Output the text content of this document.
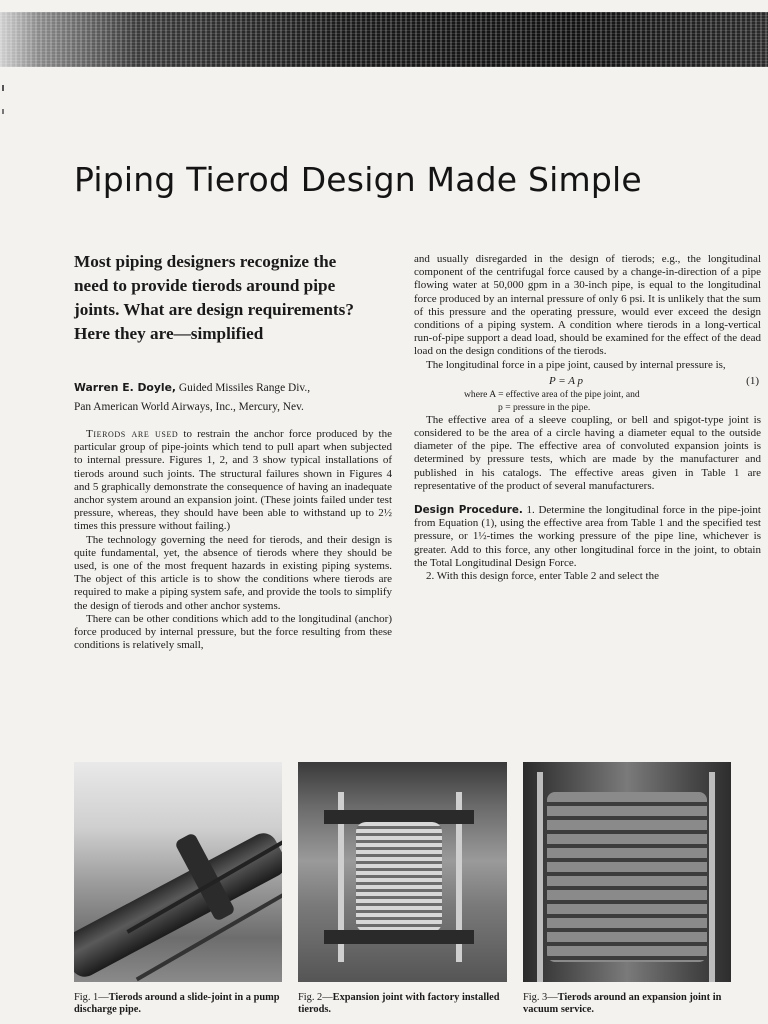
Piping Tierod Design Made Simple

Most piping designers recognize the need to provide tierods around pipe joints. What are design requirements? Here they are—simplified

Warren E. Doyle, Guided Missiles Range Div.,
Pan American World Airways, Inc., Mercury, Nev.

Tierods are used to restrain the anchor force produced by the particular group of pipe-joints which tend to pull apart when subjected to internal pressure. Figures 1, 2, and 3 show typical installations of tierods around such joints. The structural failures shown in Figures 4 and 5 graphically demonstrate the consequence of having an inadequate anchor system around an expansion joint. (These joints failed under test pressure, whereas, they should have been able to withstand up to 2½ times this pressure without failing.)

The technology governing the need for tierods, and their design is quite fundamental, yet, the absence of tierods where they should be used, is one of the most frequent hazards in existing piping systems. The object of this article is to show the conditions where tierods are required to make a piping system safe, and provide the tools to simplify the design of tierods and other anchor systems.

There can be other conditions which add to the longitudinal (anchor) force produced by internal pressure, but the force resulting from these conditions is relatively small,

and usually disregarded in the design of tierods; e.g., the longitudinal component of the centrifugal force caused by a change-in-direction of a pipe flowing water at 50,000 gpm in a 30-inch pipe, is equal to the longitudinal force produced by an internal pressure of only 6 psi. It is unlikely that the sum of this pressure and the operating pressure, would ever exceed the design conditions of a piping system. A condition where tierods in a long-vertical run-of-pipe support a dead load, should be examined for the effect of the dead load on the design conditions of the tierods.

The longitudinal force in a pipe joint, caused by internal pressure is,

P = A p	(1)
where A = effective area of the pipe joint, and
p = pressure in the pipe.

The effective area of a sleeve coupling, or bell and spigot-type joint is considered to be the area of a circle having a diameter equal to the outside diameter of the pipe. The effective area of convoluted expansion joints is determined by pressure tests, which are made by the manufacturer and published in his catalogs. The effective areas given in Table 1 are representative of the product of several manufacturers.

Design Procedure. 1. Determine the longitudinal force in the pipe-joint from Equation (1), using the effective area from Table 1 and the specified test pressure, or 1½-times the working pressure of the pipe line, whichever is greater. Add to this force, any other longitudinal force in the joint, to obtain the Total Longitudinal Design Force.

2. With this design force, enter Table 2 and select the

Fig. 1—Tierods around a slide-joint in a pump discharge pipe.

Fig. 2—Expansion joint with factory installed tierods.

Fig. 3—Tierods around an expansion joint in vacuum service.
